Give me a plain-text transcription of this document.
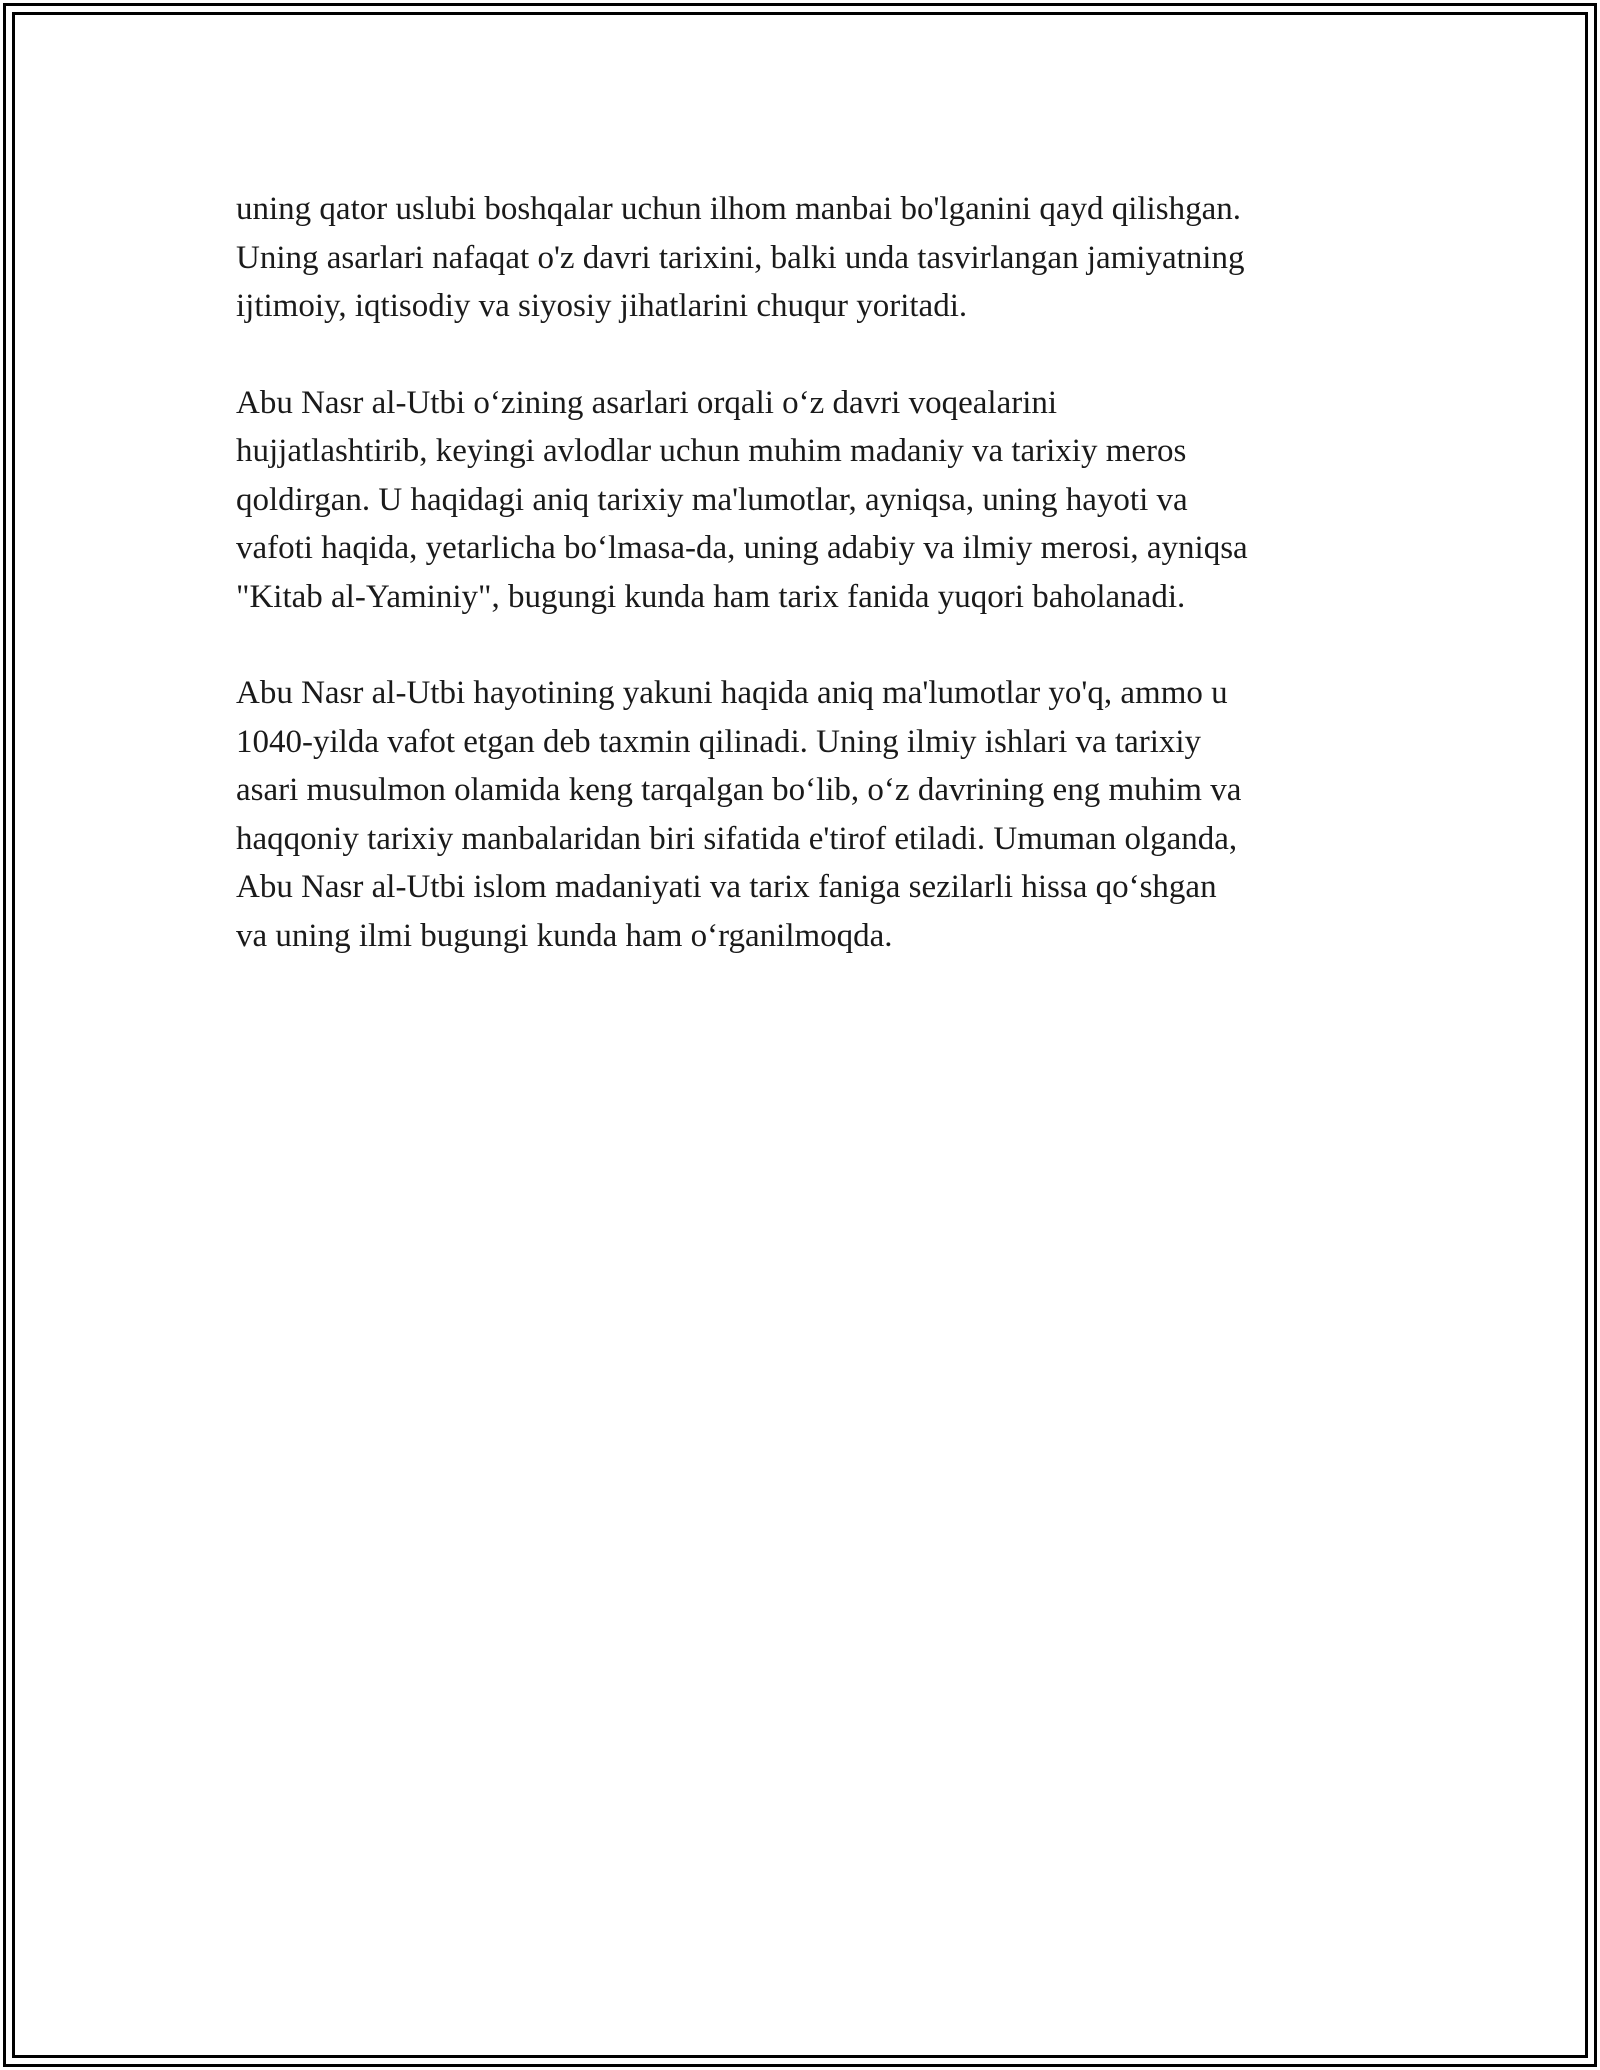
uning qator uslubi boshqalar uchun ilhom manbai bo'lganini qayd qilishgan.
Uning asarlari nafaqat o'z davri tarixini, balki unda tasvirlangan jamiyatning
ijtimoiy, iqtisodiy va siyosiy jihatlarini chuqur yoritadi.

Abu Nasr al-Utbi o‘zining asarlari orqali o‘z davri voqealarini
hujjatlashtirib, keyingi avlodlar uchun muhim madaniy va tarixiy meros
qoldirgan. U haqidagi aniq tarixiy ma'lumotlar, ayniqsa, uning hayoti va
vafoti haqida, yetarlicha bo‘lmasa-da, uning adabiy va ilmiy merosi, ayniqsa
"Kitab al-Yaminiy", bugungi kunda ham tarix fanida yuqori baholanadi.

Abu Nasr al-Utbi hayotining yakuni haqida aniq ma'lumotlar yo'q, ammo u
1040-yilda vafot etgan deb taxmin qilinadi. Uning ilmiy ishlari va tarixiy
asari musulmon olamida keng tarqalgan bo‘lib, o‘z davrining eng muhim va
haqqoniy tarixiy manbalaridan biri sifatida e'tirof etiladi. Umuman olganda,
Abu Nasr al-Utbi islom madaniyati va tarix faniga sezilarli hissa qo‘shgan
va uning ilmi bugungi kunda ham o‘rganilmoqda.
